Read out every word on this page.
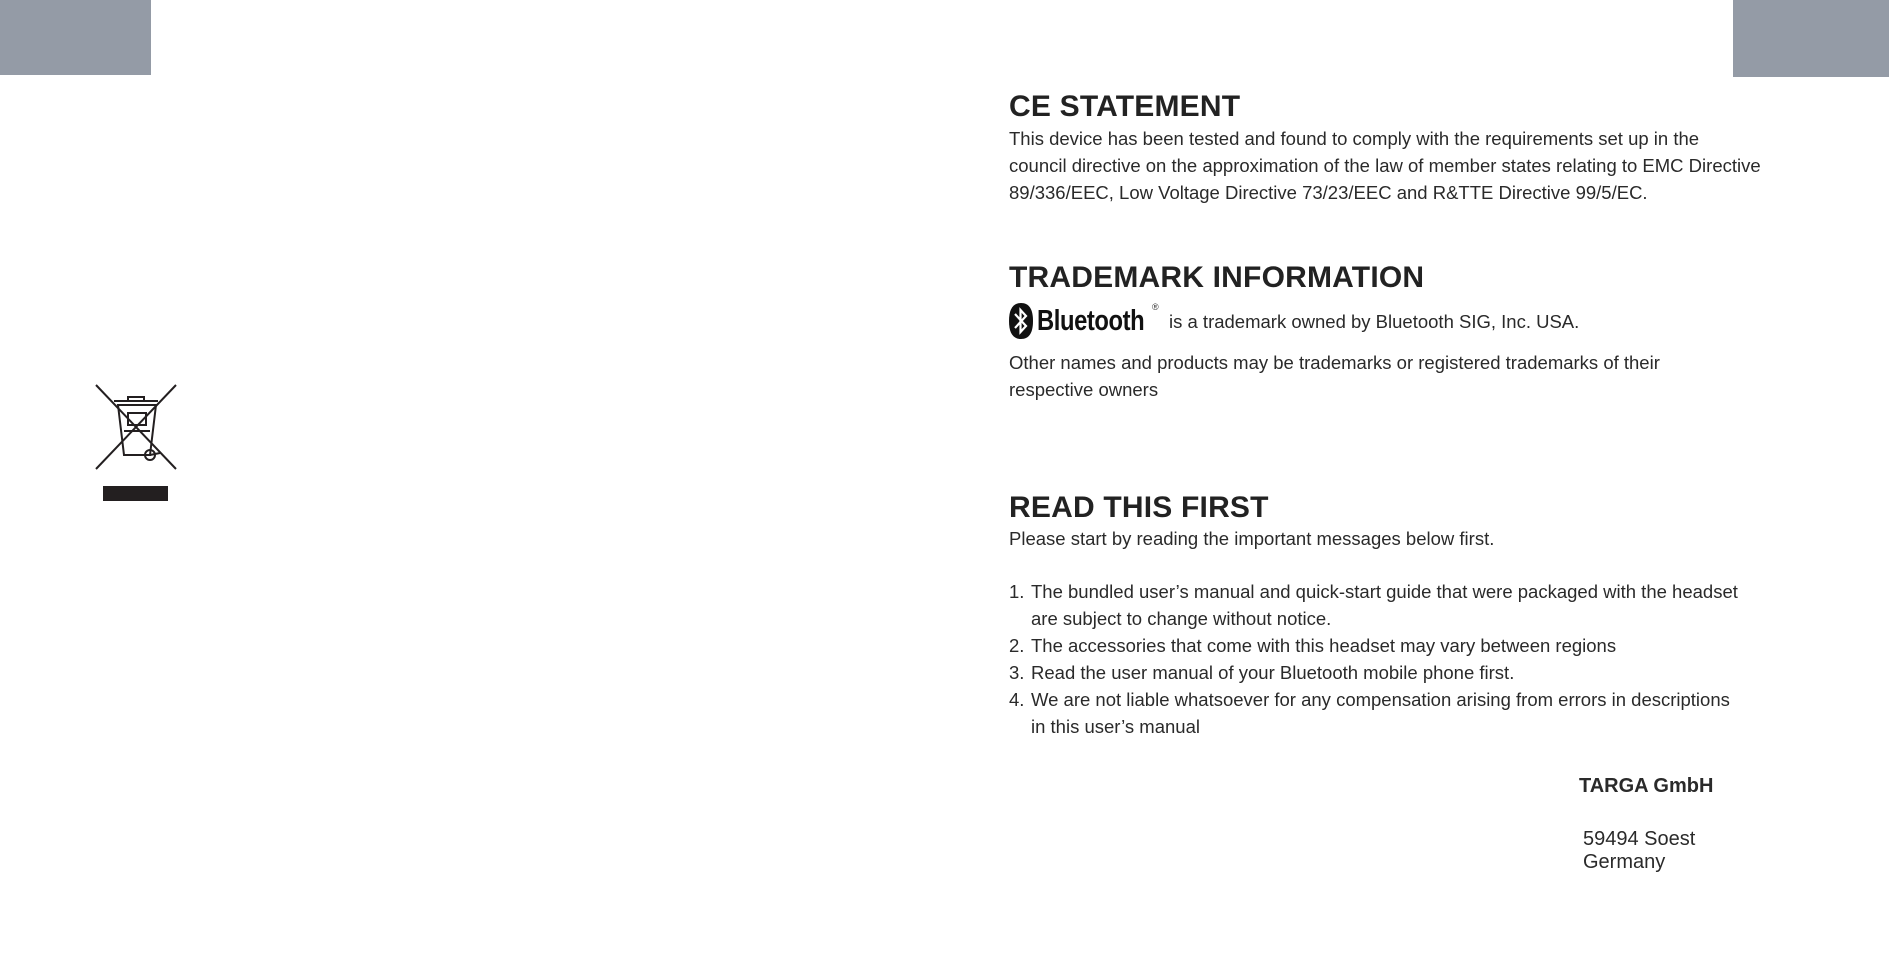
CE STATEMENT
This device has been tested and found to comply with the requirements set up in the
council directive on the approximation of the law of member states relating to EMC Directive
89/336/EEC, Low Voltage Directive 73/23/EEC and R&TTE Directive 99/5/EC.
TRADEMARK INFORMATION
Bluetooth ®
is a trademark owned by Bluetooth SIG, Inc. USA.
Other names and products may be trademarks or registered trademarks of their
respective owners
READ THIS FIRST
Please start by reading the important messages below first.
1. The bundled user’s manual and quick-start guide that were packaged with the headset
are subject to change without notice.
2. The accessories that come with this headset may vary between regions
3. Read the user manual of your Bluetooth mobile phone first.
4. We are not liable whatsoever for any compensation arising from errors in descriptions
in this user’s manual
TARGA GmbH
59494 Soest
Germany
